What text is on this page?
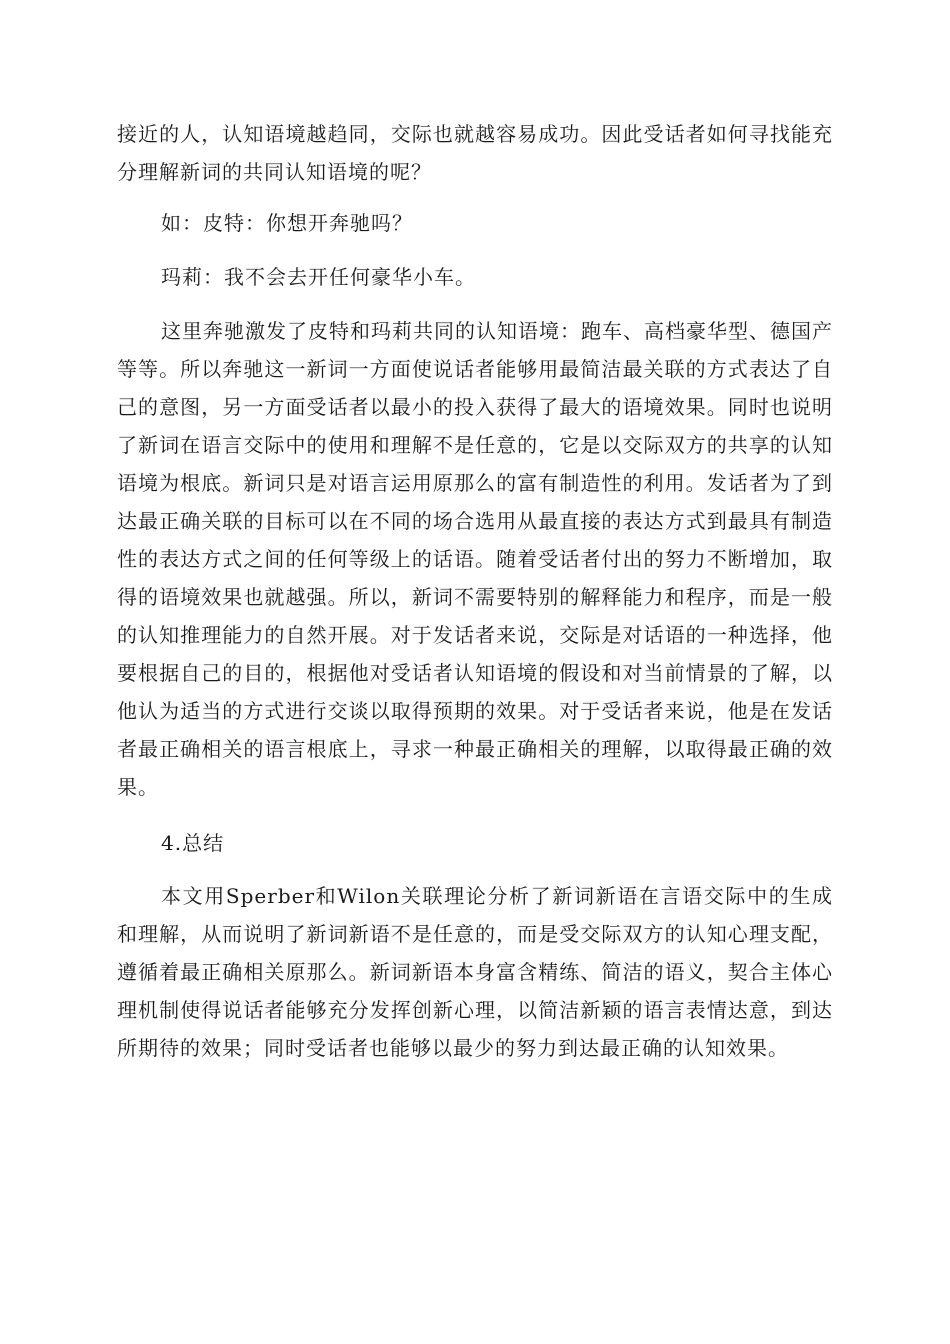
接近的人，认知语境越趋同，交际也就越容易成功。因此受话者如何寻找能充分理解新词的共同认知语境的呢？

如：皮特：你想开奔驰吗？

玛莉：我不会去开任何豪华小车。

这里奔驰激发了皮特和玛莉共同的认知语境：跑车、高档豪华型、德国产等等。所以奔驰这一新词一方面使说话者能够用最简洁最关联的方式表达了自己的意图，另一方面受话者以最小的投入获得了最大的语境效果。同时也说明了新词在语言交际中的使用和理解不是任意的，它是以交际双方的共享的认知语境为根底。新词只是对语言运用原那么的富有制造性的利用。发话者为了到达最正确关联的目标可以在不同的场合选用从最直接的表达方式到最具有制造性的表达方式之间的任何等级上的话语。随着受话者付出的努力不断增加，取得的语境效果也就越强。所以，新词不需要特别的解释能力和程序，而是一般的认知推理能力的自然开展。对于发话者来说，交际是对话语的一种选择，他要根据自己的目的，根据他对受话者认知语境的假设和对当前情景的了解，以他认为适当的方式进行交谈以取得预期的效果。对于受话者来说，他是在发话者最正确相关的语言根底上，寻求一种最正确相关的理解，以取得最正确的效果。

4.总结

本文用Sperber和Wilon关联理论分析了新词新语在言语交际中的生成和理解，从而说明了新词新语不是任意的，而是受交际双方的认知心理支配，遵循着最正确相关原那么。新词新语本身富含精练、简洁的语义，契合主体心理机制使得说话者能够充分发挥创新心理，以简洁新颖的语言表情达意，到达所期待的效果；同时受话者也能够以最少的努力到达最正确的认知效果。
